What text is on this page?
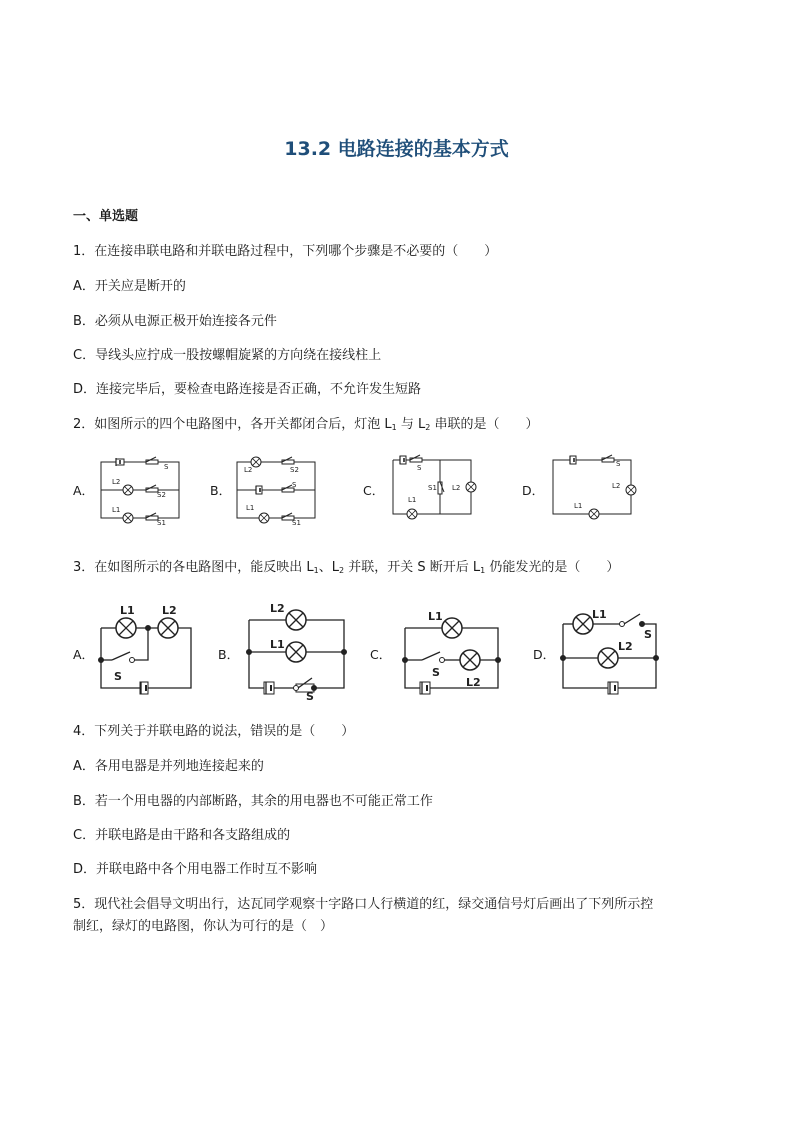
13.2 电路连接的基本方式
一、单选题
1．在连接串联电路和并联电路过程中，下列哪个步骤是不必要的（　　）
A．开关应是断开的
B．必须从电源正极开始连接各元件
C．导线头应拧成一股按螺帽旋紧的方向绕在接线柱上
D．连接完毕后，要检查电路连接是否正确，不允许发生短路
2．如图所示的四个电路图中，各开关都闭合后，灯泡 $L_1$ 与 $L_2$ 串联的是（　　）
A．	B．	C．	D．
S
L2
S2
L1
S1
L2	S2
S
L1
S1
S
S1 L2
L1
S
L2
L1
3．在如图所示的各电路图中，能反映出 $L_1$、$L_2$ 并联，开关 S 断开后 $L_1$ 仍能发光的是（　　）
A．	B．	C．	D．
L1 L2
S
L2
L1
S
L1
S
L2
L1
S
L2
4．下列关于并联电路的说法，错误的是（　　）
A．各用电器是并列地连接起来的
B．若一个用电器的内部断路，其余的用电器也不可能正常工作
C．并联电路是由干路和各支路组成的
D．并联电路中各个用电器工作时互不影响
5．现代社会倡导文明出行，达瓦同学观察十字路口人行横道的红，绿交通信号灯后画出了下列所示控
制红，绿灯的电路图，你认为可行的是（　）
